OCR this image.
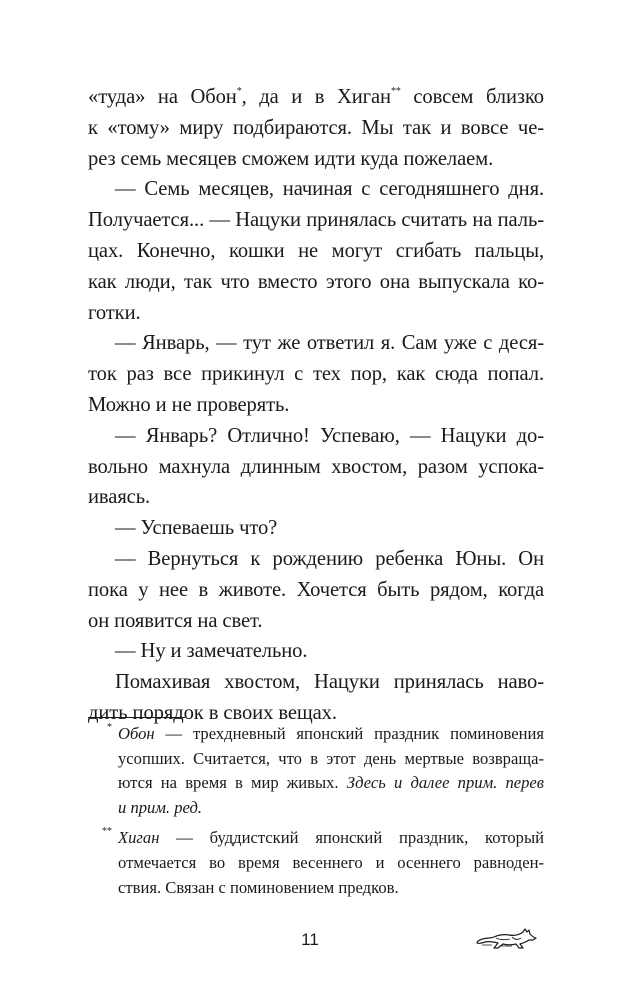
«туда» на Обон*, да и в Хиган** совсем близко
к «тому» миру подбираются. Мы так и вовсе че-
рез семь месяцев сможем идти куда пожелаем.

— Семь месяцев, начиная с сегодняшнего дня.
Получается... — Нацуки принялась считать на паль-
цах. Конечно, кошки не могут сгибать пальцы,
как люди, так что вместо этого она выпускала ко-
готки.

— Январь, — тут же ответил я. Сам уже с деся-
ток раз все прикинул с тех пор, как сюда попал.
Можно и не проверять.

— Январь? Отлично! Успеваю, — Нацуки до-
вольно махнула длинным хвостом, разом успока-
иваясь.

— Успеваешь что?

— Вернуться к рождению ребенка Юны. Он
пока у нее в животе. Хочется быть рядом, когда
он появится на свет.

— Ну и замечательно.

Помахивая хвостом, Нацуки принялась наво-
дить порядок в своих вещах.

* Обон — трехдневный японский праздник поминовения
усопших. Считается, что в этот день мертвые возвраща-
ются на время в мир живых. Здесь и далее прим. перев
и прим. ред.
** Хиган — буддистский японский праздник, который
отмечается во время весеннего и осеннего равноден-
ствия. Связан с поминовением предков.
11
